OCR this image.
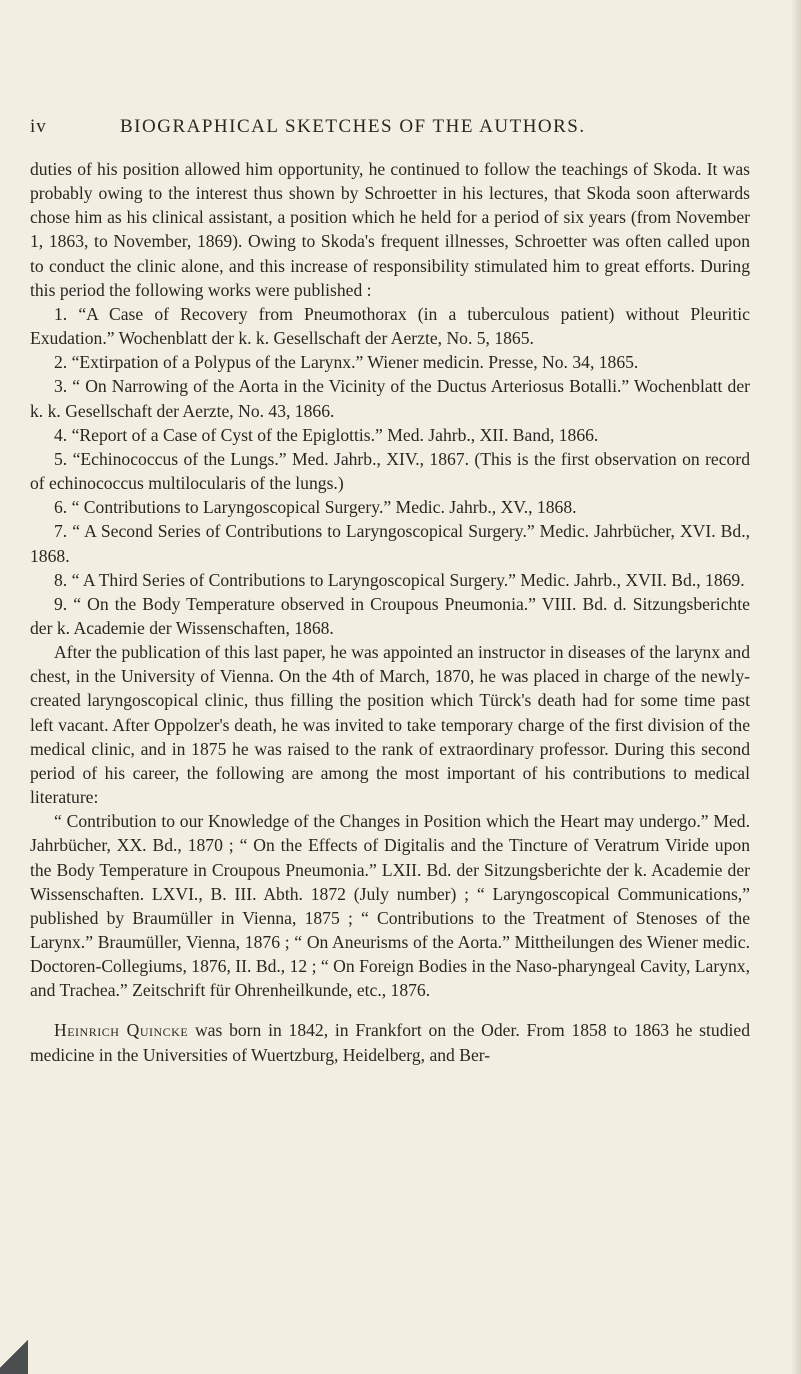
iv	BIOGRAPHICAL SKETCHES OF THE AUTHORS.

duties of his position allowed him opportunity, he continued to follow the teachings of Skoda. It was probably owing to the interest thus shown by Schroetter in his lectures, that Skoda soon afterwards chose him as his clinical assistant, a position which he held for a period of six years (from November 1, 1863, to November, 1869). Owing to Skoda's frequent illnesses, Schroetter was often called upon to conduct the clinic alone, and this increase of responsibility stimulated him to great efforts. During this period the following works were published :

1. “A Case of Recovery from Pneumothorax (in a tuberculous patient) without Pleuritic Exudation.” Wochenblatt der k. k. Gesellschaft der Aerzte, No. 5, 1865.

2. “Extirpation of a Polypus of the Larynx.” Wiener medicin. Presse, No. 34, 1865.

3. “ On Narrowing of the Aorta in the Vicinity of the Ductus Arteriosus Botalli.” Wochenblatt der k. k. Gesellschaft der Aerzte, No. 43, 1866.

4. “Report of a Case of Cyst of the Epiglottis.” Med. Jahrb., XII. Band, 1866.

5. “Echinococcus of the Lungs.” Med. Jahrb., XIV., 1867. (This is the first observation on record of echinococcus multilocularis of the lungs.)

6. “ Contributions to Laryngoscopical Surgery.” Medic. Jahrb., XV., 1868.

7. “ A Second Series of Contributions to Laryngoscopical Surgery.” Medic. Jahrbücher, XVI. Bd., 1868.

8. “ A Third Series of Contributions to Laryngoscopical Surgery.” Medic. Jahrb., XVII. Bd., 1869.

9. “ On the Body Temperature observed in Croupous Pneumonia.” VIII. Bd. d. Sitzungsberichte der k. Academie der Wissenschaften, 1868.

After the publication of this last paper, he was appointed an instructor in diseases of the larynx and chest, in the University of Vienna. On the 4th of March, 1870, he was placed in charge of the newly-created laryngoscopical clinic, thus filling the position which Türck's death had for some time past left vacant. After Oppolzer's death, he was invited to take temporary charge of the first division of the medical clinic, and in 1875 he was raised to the rank of extraordinary professor. During this second period of his career, the following are among the most important of his contributions to medical literature:

“ Contribution to our Knowledge of the Changes in Position which the Heart may undergo.” Med. Jahrbücher, XX. Bd., 1870 ; “ On the Effects of Digitalis and the Tincture of Veratrum Viride upon the Body Temperature in Croupous Pneumonia.” LXII. Bd. der Sitzungsberichte der k. Academie der Wissenschaften. LXVI., B. III. Abth. 1872 (July number) ; “ Laryngoscopical Communications,” published by Braumüller in Vienna, 1875 ; “ Contributions to the Treatment of Stenoses of the Larynx.” Braumüller, Vienna, 1876 ; “ On Aneurisms of the Aorta.” Mittheilungen des Wiener medic. Doctoren-Collegiums, 1876, II. Bd., 12 ; “ On Foreign Bodies in the Naso-pharyngeal Cavity, Larynx, and Trachea.” Zeitschrift für Ohrenheilkunde, etc., 1876.

Heinrich Quincke was born in 1842, in Frankfort on the Oder. From 1858 to 1863 he studied medicine in the Universities of Wuertzburg, Heidelberg, and Ber-
